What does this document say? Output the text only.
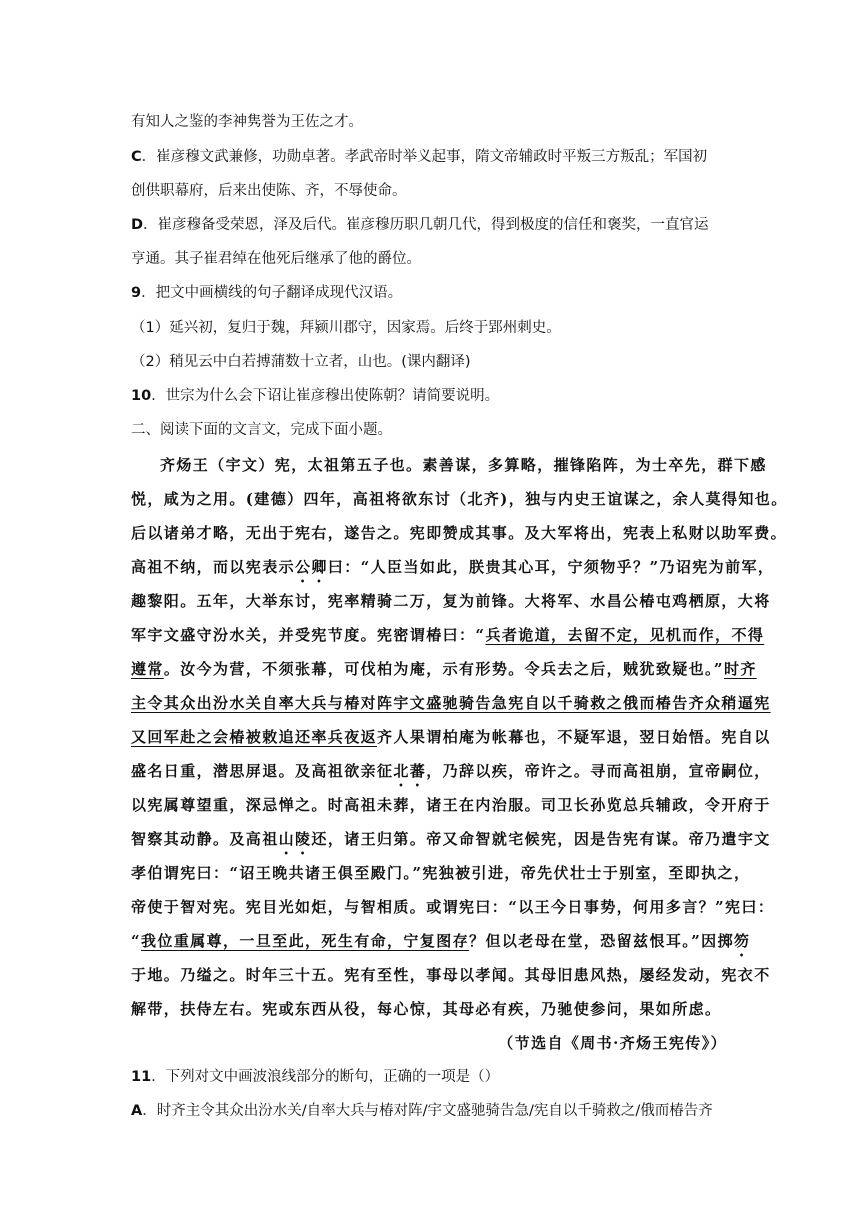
有知人之鉴的李神隽誉为王佐之才。
C．崔彦穆文武兼修，功勋卓著。孝武帝时举义起事，隋文帝辅政时平叛三方叛乱；军国初
创供职幕府，后来出使陈、齐，不辱使命。
D．崔彦穆备受荣恩，泽及后代。崔彦穆历职几朝几代，得到极度的信任和褒奖，一直官运
亨通。其子崔君绰在他死后继承了他的爵位。
9．把文中画横线的句子翻译成现代汉语。
（1）延兴初，复归于魏，拜颍川郡守，因家焉。后终于郢州刺史。
（2）稍见云中白若搏蒲数十立者，山也。(课内翻译)
10．世宗为什么会下诏让崔彦穆出使陈朝？请简要说明。
二、阅读下面的文言文，完成下面小题。
齐炀王（宇文）宪，太祖第五子也。素善谋，多算略，摧锋陷阵，为士卒先，群下感
悦，咸为之用。(建德）四年，高祖将欲东讨（北齐)，独与内史王谊谋之，余人莫得知也。
后以诸弟才略，无出于宪右，遂告之。宪即赞成其事。及大军将出，宪表上私财以助军费。
高祖不纳，而以宪表示公卿曰：“人臣当如此，朕贵其心耳，宁须物乎？”乃诏宪为前军，
趣黎阳。五年，大举东讨，宪率精骑二万，复为前锋。大将军、水昌公椿屯鸡栖原，大将
军宇文盛守汾水关，并受宪节度。宪密谓椿曰：“兵者诡道，去留不定，见机而作，不得
遵常。汝今为营，不须张幕，可伐柏为庵，示有形势。令兵去之后，贼犹致疑也。”时齐
主令其众出汾水关自率大兵与椿对阵宇文盛驰骑告急宪自以千骑救之俄而椿告齐众稍逼宪
又回军赴之会椿被敕追还率兵夜返齐人果谓柏庵为帐幕也，不疑军退，翌日始悟。宪自以
盛名日重，潜思屏退。及高祖欲亲征北蕃，乃辞以疾，帝许之。寻而高祖崩，宣帝嗣位，
以宪属尊望重，深忌惮之。时高祖未葬，诸王在内治服。司卫长孙览总兵辅政，令开府于
智察其动静。及高祖山陵还，诸王归第。帝又命智就宅候宪，因是告宪有谋。帝乃遣宇文
孝伯谓宪曰：“诏王晚共诸王俱至殿门。”宪独被引进，帝先伏壮士于别室，至即执之，
帝使于智对宪。宪目光如炬，与智相质。或谓宪曰：“以王今日事势，何用多言？”宪曰：
“我位重属尊，一旦至此，死生有命，宁复图存？但以老母在堂，恐留兹恨耳。”因掷笏
于地。乃缢之。时年三十五。宪有至性，事母以孝闻。其母旧患风热，屡经发动，宪衣不
解带，扶侍左右。宪或东西从役，每心惊，其母必有疾，乃驰使参问，果如所虑。
（节选自《周书·齐炀王宪传》）
11．下列对文中画波浪线部分的断句，正确的一项是（）
A．时齐主令其众出汾水关/自率大兵与椿对阵/宇文盛驰骑告急/宪自以千骑救之/俄而椿告齐
